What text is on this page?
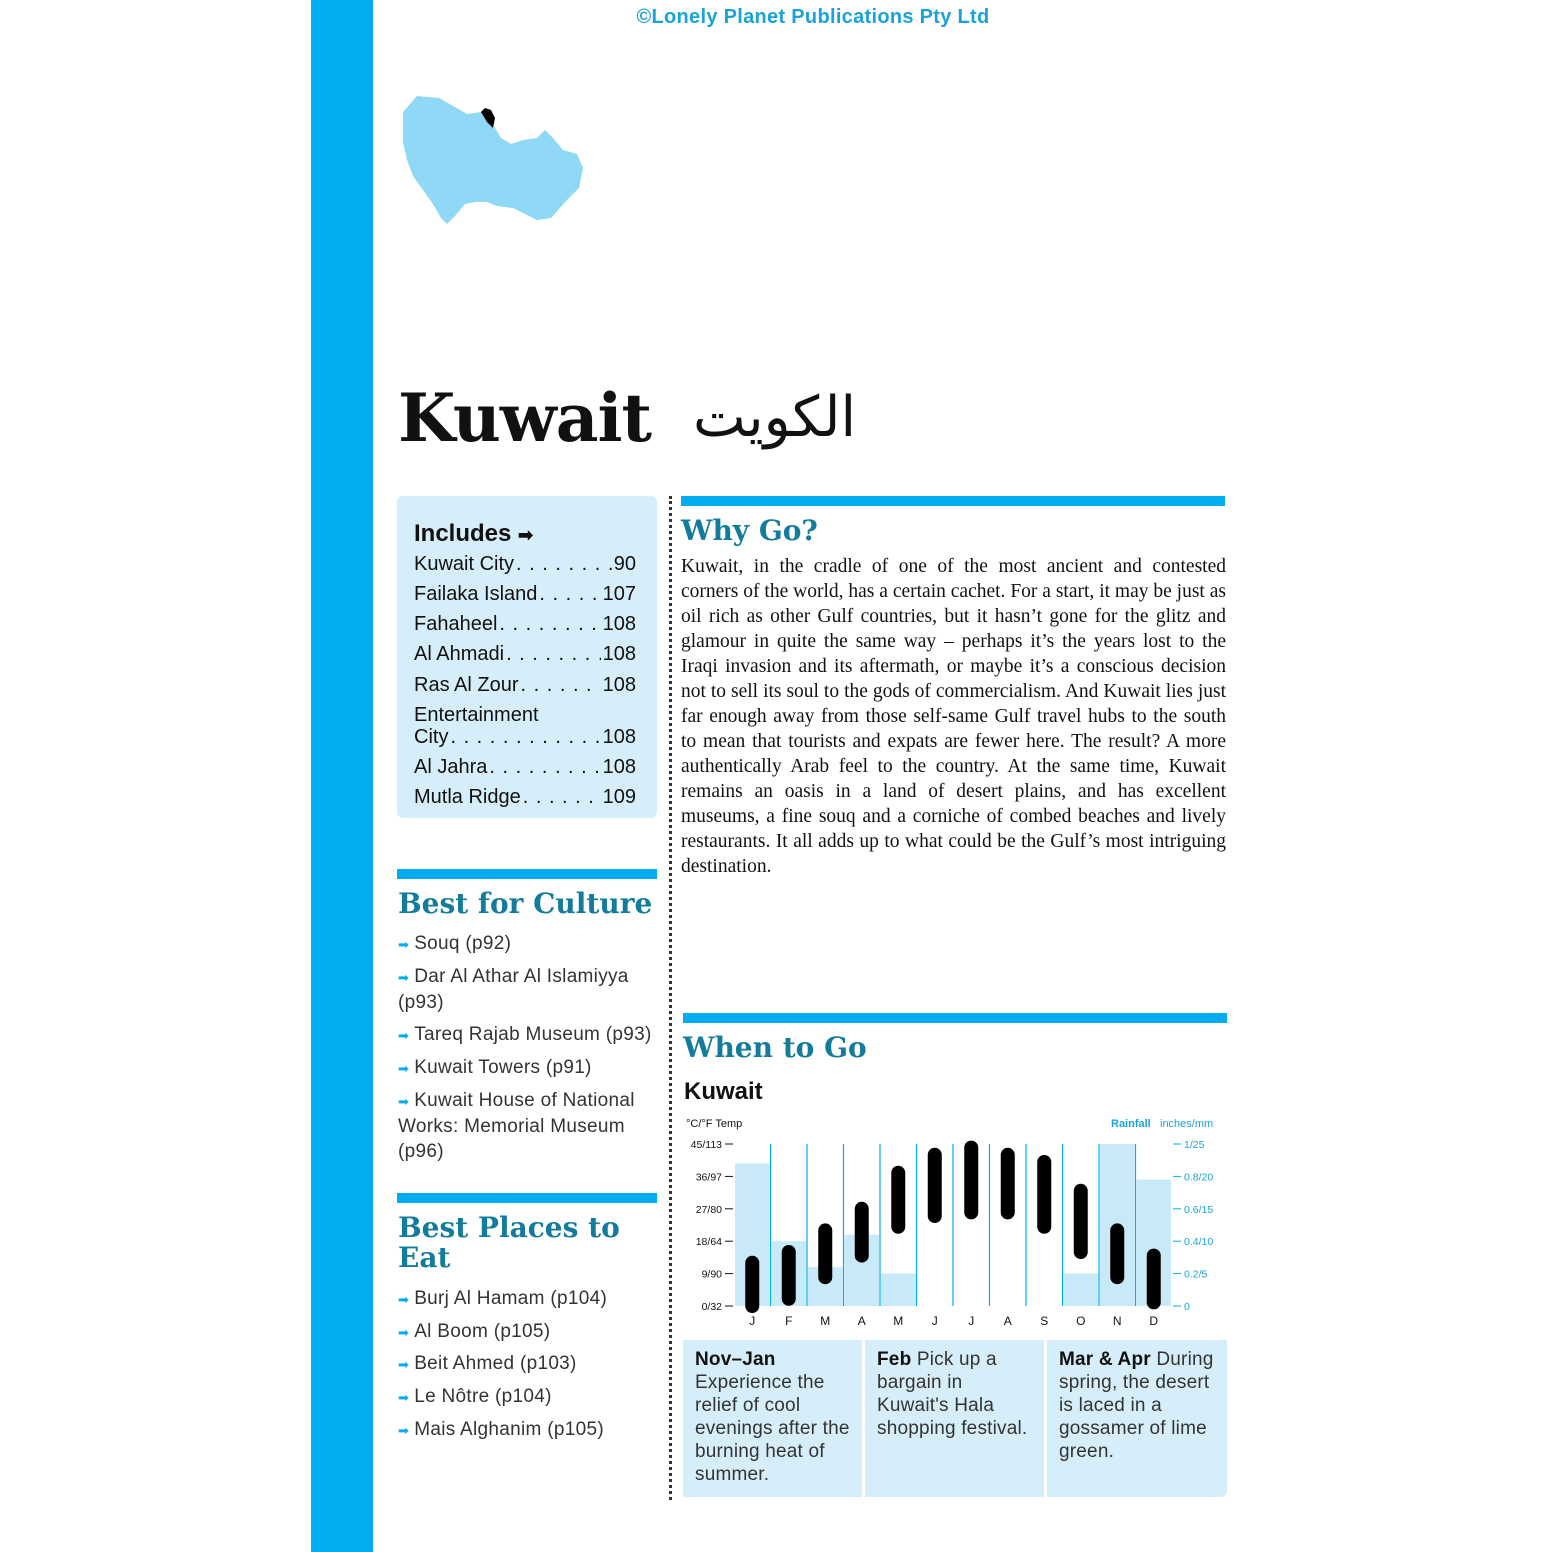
©Lonely Planet Publications Pty Ltd
Kuwait الكويت
Includes ➡
Kuwait City . . .	90
Failaka Island . . .	107
Fahaheel . . .	108
Al Ahmadi . . .	108
Ras Al Zour . . .	108
Entertainment
City . . .	108
Al Jahra . . .	108
Mutla Ridge . . .	109
Why Go?
Kuwait, in the cradle of one of the most ancient and contested corners of the world, has a certain cachet. For a start, it may be just as oil rich as other Gulf countries, but it hasn’t gone for the glitz and glamour in quite the same way – perhaps it’s the years lost to the Iraqi invasion and its aftermath, or maybe it’s a conscious decision not to sell its soul to the gods of commercialism. And Kuwait lies just far enough away from those self-same Gulf travel hubs to the south to mean that tourists and expats are fewer here. The result? A more authentically Arab feel to the country. At the same time, Kuwait remains an oasis in a land of desert plains, and has excellent museums, a fine souq and a corniche of combed beaches and lively restaurants. It all adds up to what could be the Gulf’s most intriguing destination.
Best for Culture
➡ Souq (p92)
➡ Dar Al Athar Al Islamiyya (p93)
➡ Tareq Rajab Museum (p93)
➡ Kuwait Towers (p91)
➡ Kuwait House of National Works: Memorial Museum (p96)
Best Places to Eat
➡ Burj Al Hamam (p104)
➡ Al Boom (p105)
➡ Beit Ahmed (p103)
➡ Le Nôtre (p104)
➡ Mais Alghanim (p105)
When to Go
Kuwait
°C/°F Temp	Rainfall inches/mm
0/32
9/90
18/64
27/80
36/97
45/113
0
0.2/5
0.4/10
0.6/15
0.8/20
1/25
J F M A M J	J A S O N D
Nov–Jan Experience the relief of cool evenings after the burning heat of summer.
Feb Pick up a bargain in Kuwait's Hala shopping festival.
Mar & Apr During spring, the desert is laced in a gossamer of lime green.
